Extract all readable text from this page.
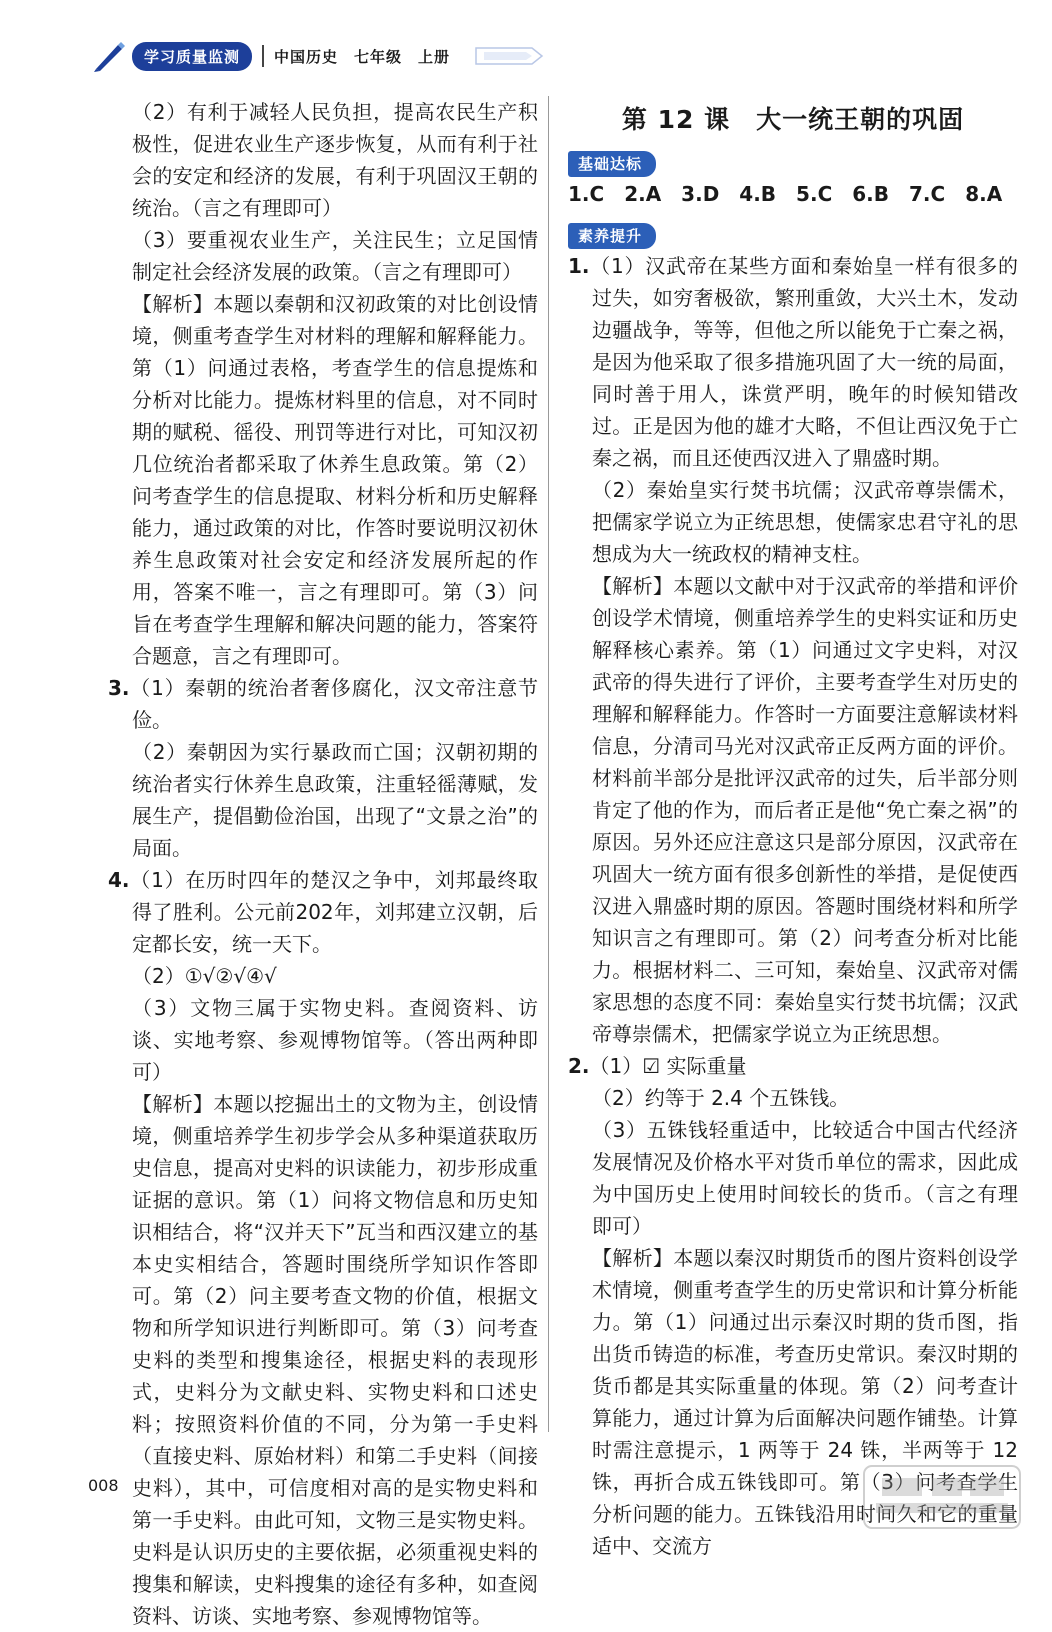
学习质量监测	中国历史　七年级　上册

（2）有利于减轻人民负担，提高农民生产积极性，促进农业生产逐步恢复，从而有利于社会的安定和经济的发展，有利于巩固汉王朝的统治。（言之有理即可）

（3）要重视农业生产，关注民生；立足国情制定社会经济发展的政策。（言之有理即可）

【解析】本题以秦朝和汉初政策的对比创设情境，侧重考查学生对材料的理解和解释能力。第（1）问通过表格，考查学生的信息提炼和分析对比能力。提炼材料里的信息，对不同时期的赋税、徭役、刑罚等进行对比，可知汉初几位统治者都采取了休养生息政策。第（2）问考查学生的信息提取、材料分析和历史解释能力，通过政策的对比，作答时要说明汉初休养生息政策对社会安定和经济发展所起的作用，答案不唯一，言之有理即可。第（3）问旨在考查学生理解和解决问题的能力，答案符合题意，言之有理即可。

3.（1）秦朝的统治者奢侈腐化，汉文帝注意节俭。

（2）秦朝因为实行暴政而亡国；汉朝初期的统治者实行休养生息政策，注重轻徭薄赋，发展生产，提倡勤俭治国，出现了“文景之治”的局面。

4.（1）在历时四年的楚汉之争中，刘邦最终取得了胜利。公元前202年，刘邦建立汉朝，后定都长安，统一天下。

（2）①√②√④√

（3）文物三属于实物史料。查阅资料、访谈、实地考察、参观博物馆等。（答出两种即可）

【解析】本题以挖掘出土的文物为主，创设情境，侧重培养学生初步学会从多种渠道获取历史信息，提高对史料的识读能力，初步形成重证据的意识。第（1）问将文物信息和历史知识相结合，将“汉并天下”瓦当和西汉建立的基本史实相结合，答题时围绕所学知识作答即可。第（2）问主要考查文物的价值，根据文物和所学知识进行判断即可。第（3）问考查史料的类型和搜集途径，根据史料的表现形式，史料分为文献史料、实物史料和口述史料；按照资料价值的不同，分为第一手史料（直接史料、原始材料）和第二手史料（间接史料），其中，可信度相对高的是实物史料和第一手史料。由此可知，文物三是实物史料。史料是认识历史的主要依据，必须重视史料的搜集和解读，史料搜集的途径有多种，如查阅资料、访谈、实地考察、参观博物馆等。

第 12 课　大一统王朝的巩固
基础达标
1.C　2.A　3.D　4.B　5.C　6.B　7.C　8.A
素养提升

1.（1）汉武帝在某些方面和秦始皇一样有很多的过失，如穷奢极欲，繁刑重敛，大兴土木，发动边疆战争，等等，但他之所以能免于亡秦之祸，是因为他采取了很多措施巩固了大一统的局面，同时善于用人，诛赏严明，晚年的时候知错改过。正是因为他的雄才大略，不但让西汉免于亡秦之祸，而且还使西汉进入了鼎盛时期。

（2）秦始皇实行焚书坑儒；汉武帝尊崇儒术，把儒家学说立为正统思想，使儒家忠君守礼的思想成为大一统政权的精神支柱。

【解析】本题以文献中对于汉武帝的举措和评价创设学术情境，侧重培养学生的史料实证和历史解释核心素养。第（1）问通过文字史料，对汉武帝的得失进行了评价，主要考查学生对历史的理解和解释能力。作答时一方面要注意解读材料信息，分清司马光对汉武帝正反两方面的评价。材料前半部分是批评汉武帝的过失，后半部分则肯定了他的作为，而后者正是他“免亡秦之祸”的原因。另外还应注意这只是部分原因，汉武帝在巩固大一统方面有很多创新性的举措，是促使西汉进入鼎盛时期的原因。答题时围绕材料和所学知识言之有理即可。第（2）问考查分析对比能力。根据材料二、三可知，秦始皇、汉武帝对儒家思想的态度不同：秦始皇实行焚书坑儒；汉武帝尊崇儒术，把儒家学说立为正统思想。

2.（1）☑ 实际重量

（2）约等于 2.4 个五铢钱。

（3）五铢钱轻重适中，比较适合中国古代经济发展情况及价格水平对货币单位的需求，因此成为中国历史上使用时间较长的货币。（言之有理即可）

【解析】本题以秦汉时期货币的图片资料创设学术情境，侧重考查学生的历史常识和计算分析能力。第（1）问通过出示秦汉时期的货币图，指出货币铸造的标准，考查历史常识。秦汉时期的货币都是其实际重量的体现。第（2）问考查计算能力，通过计算为后面解决问题作铺垫。计算时需注意提示，1 两等于 24 铢，半两等于 12 铢，再折合成五铢钱即可。第（3）问考查学生分析问题的能力。五铢钱沿用时间久和它的重量适中、交流方

008
